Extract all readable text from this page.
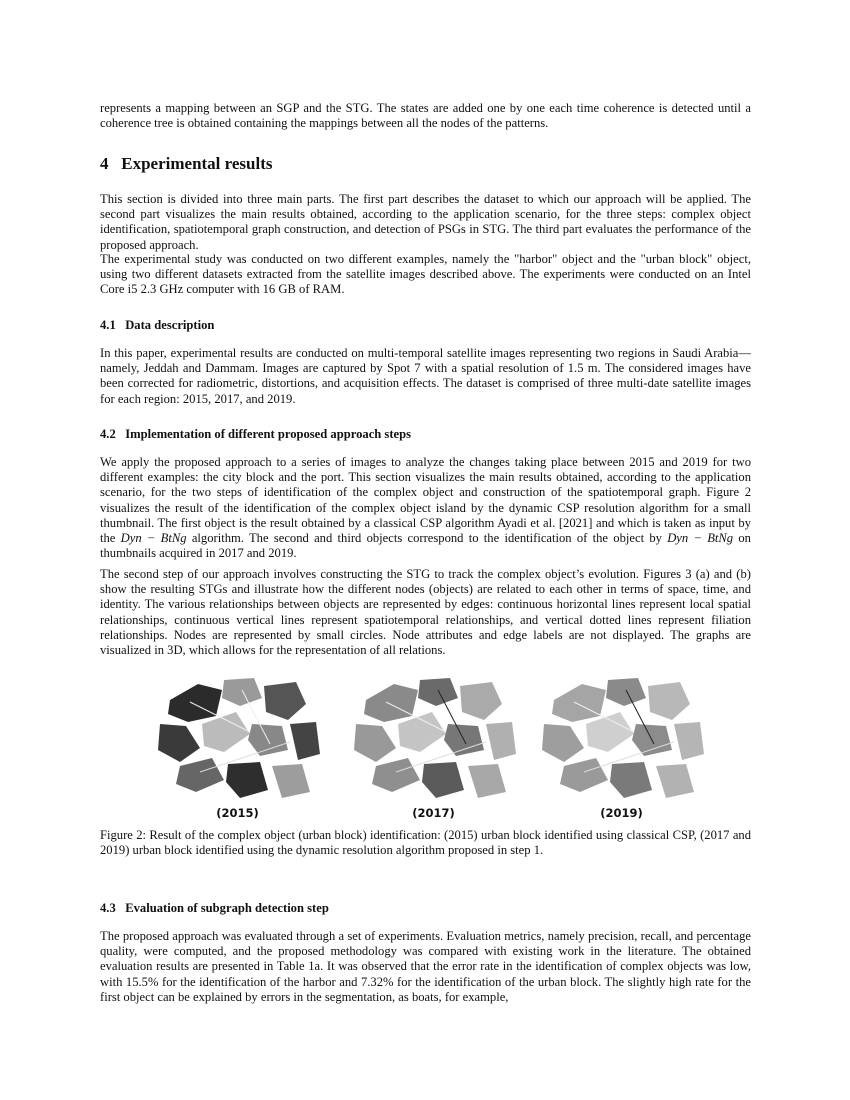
represents a mapping between an SGP and the STG. The states are added one by one each time coherence is detected until a coherence tree is obtained containing the mappings between all the nodes of the patterns.

4 Experimental results

This section is divided into three main parts. The first part describes the dataset to which our approach will be applied. The second part visualizes the main results obtained, according to the application scenario, for the three steps: complex object identification, spatiotemporal graph construction, and detection of PSGs in STG. The third part evaluates the performance of the proposed approach.

The experimental study was conducted on two different examples, namely the "harbor" object and the "urban block" object, using two different datasets extracted from the satellite images described above. The experiments were conducted on an Intel Core i5 2.3 GHz computer with 16 GB of RAM.

4.1 Data description

In this paper, experimental results are conducted on multi-temporal satellite images representing two regions in Saudi Arabia—namely, Jeddah and Dammam. Images are captured by Spot 7 with a spatial resolution of 1.5 m. The considered images have been corrected for radiometric, distortions, and acquisition effects. The dataset is comprised of three multi-date satellite images for each region: 2015, 2017, and 2019.

4.2 Implementation of different proposed approach steps

We apply the proposed approach to a series of images to analyze the changes taking place between 2015 and 2019 for two different examples: the city block and the port. This section visualizes the main results obtained, according to the application scenario, for the two steps of identification of the complex object and construction of the spatiotemporal graph. Figure 2 visualizes the result of the identification of the complex object island by the dynamic CSP resolution algorithm for a small thumbnail. The first object is the result obtained by a classical CSP algorithm Ayadi et al. [2021] and which is taken as input by the Dyn − BtNg algorithm. The second and third objects correspond to the identification of the object by Dyn − BtNg on thumbnails acquired in 2017 and 2019.

The second step of our approach involves constructing the STG to track the complex object’s evolution. Figures 3 (a) and (b) show the resulting STGs and illustrate how the different nodes (objects) are related to each other in terms of space, time, and identity. The various relationships between objects are represented by edges: continuous horizontal lines represent local spatial relationships, continuous vertical lines represent spatiotemporal relationships, and vertical dotted lines represent filiation relationships. Nodes are represented by small circles. Node attributes and edge labels are not displayed. The graphs are visualized in 3D, which allows for the representation of all relations.

(2015)	(2017)	(2019)

Figure 2: Result of the complex object (urban block) identification: (2015) urban block identified using classical CSP, (2017 and 2019) urban block identified using the dynamic resolution algorithm proposed in step 1.

4.3 Evaluation of subgraph detection step

The proposed approach was evaluated through a set of experiments. Evaluation metrics, namely precision, recall, and percentage quality, were computed, and the proposed methodology was compared with existing work in the literature. The obtained evaluation results are presented in Table 1a. It was observed that the error rate in the identification of complex objects was low, with 15.5% for the identification of the harbor and 7.32% for the identification of the urban block. The slightly high rate for the first object can be explained by errors in the segmentation, as boats, for example,
